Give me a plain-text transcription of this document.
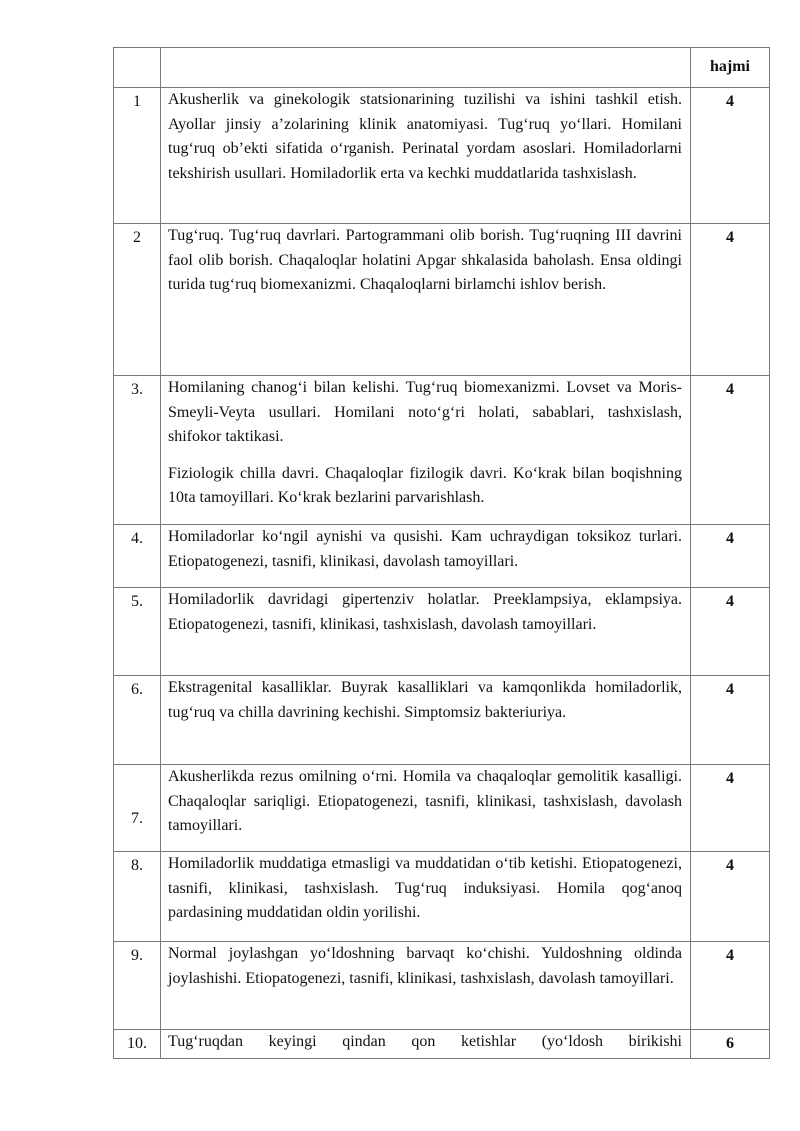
		hajmi
1	Akusherlik va ginekologik statsionarining tuzilishi va ishini tashkil etish. Ayollar jinsiy a’zolarining klinik anatomiyasi. Tug‘ruq yo‘llari. Homilani tug‘ruq ob’ekti sifatida o‘rganish. Perinatal yordam asoslari. Homiladorlarni tekshirish usullari. Homiladorlik erta va kechki muddatlarida tashxislash.	4
2	Tug‘ruq. Tug‘ruq davrlari. Partogrammani olib borish. Tug‘ruqning III davrini faol olib borish. Chaqaloqlar holatini Apgar shkalasida baholash. Ensa oldingi turida tug‘ruq biomexanizmi. Chaqaloqlarni birlamchi ishlov berish.	4
3.	Homilaning chanog‘i bilan kelishi. Tug‘ruq biomexanizmi. Lovset va Moris-Smeyli-Veyta usullari. Homilani noto‘g‘ri holati, sabablari, tashxislash, shifokor taktikasi.

Fiziologik chilla davri. Chaqaloqlar fizilogik davri. Ko‘krak bilan boqishning 10ta tamoyillari. Ko‘krak bezlarini parvarishlash.	4
4.	Homiladorlar ko‘ngil aynishi va qusishi. Kam uchraydigan toksikoz turlari. Etiopatogenezi, tasnifi, klinikasi, davolash tamoyillari.	4
5.	Homiladorlik davridagi gipertenziv holatlar. Preeklampsiya, eklampsiya. Etiopatogenezi, tasnifi, klinikasi, tashxislash, davolash tamoyillari.	4
6.	Ekstragenital kasalliklar. Buyrak kasalliklari va kamqonlikda homiladorlik, tug‘ruq va chilla davrining kechishi. Simptomsiz bakteriuriya.	4
7.	Akusherlikda rezus omilning o‘rni. Homila va chaqaloqlar gemolitik kasalligi. Chaqaloqlar sariqligi. Etiopatogenezi, tasnifi, klinikasi, tashxislash, davolash tamoyillari.	4
8.	Homiladorlik muddatiga etmasligi va muddatidan o‘tib ketishi. Etiopatogenezi, tasnifi, klinikasi, tashxislash. Tug‘ruq induksiyasi. Homila qog‘anoq pardasining muddatidan oldin yorilishi.	4
9.	Normal joylashgan yo‘ldoshning barvaqt ko‘chishi. Yuldoshning oldinda joylashishi. Etiopatogenezi, tasnifi, klinikasi, tashxislash, davolash tamoyillari.	4
10.	Tug‘ruqdan keyingi qindan qon ketishlar (yo‘ldosh birikishi	6
